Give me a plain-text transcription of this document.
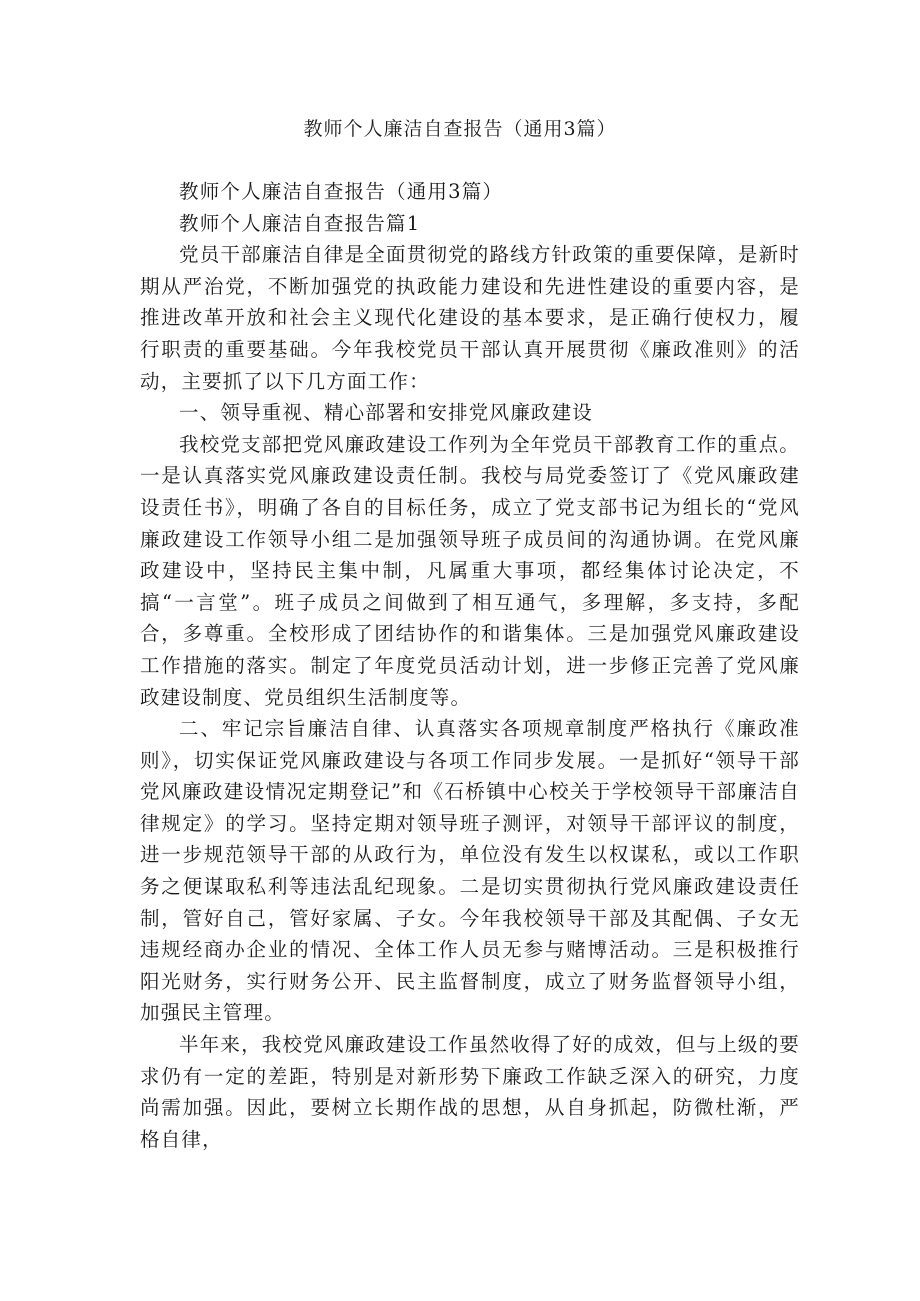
教师个人廉洁自查报告（通用3篇）

教师个人廉洁自查报告（通用3篇）

教师个人廉洁自查报告篇1

党员干部廉洁自律是全面贯彻党的路线方针政策的重要保障，是新时期从严治党，不断加强党的执政能力建设和先进性建设的重要内容，是推进改革开放和社会主义现代化建设的基本要求，是正确行使权力，履行职责的重要基础。今年我校党员干部认真开展贯彻《廉政准则》的活动，主要抓了以下几方面工作：

一、领导重视、精心部署和安排党风廉政建设

我校党支部把党风廉政建设工作列为全年党员干部教育工作的重点。一是认真落实党风廉政建设责任制。我校与局党委签订了《党风廉政建设责任书》，明确了各自的目标任务，成立了党支部书记为组长的“党风廉政建设工作领导小组二是加强领导班子成员间的沟通协调。在党风廉政建设中，坚持民主集中制，凡属重大事项，都经集体讨论决定，不搞“一言堂”。班子成员之间做到了相互通气，多理解，多支持，多配合，多尊重。全校形成了团结协作的和谐集体。三是加强党风廉政建设工作措施的落实。制定了年度党员活动计划，进一步修正完善了党风廉政建设制度、党员组织生活制度等。

二、牢记宗旨廉洁自律、认真落实各项规章制度严格执行《廉政准则》，切实保证党风廉政建设与各项工作同步发展。一是抓好“领导干部党风廉政建设情况定期登记”和《石桥镇中心校关于学校领导干部廉洁自律规定》的学习。坚持定期对领导班子测评，对领导干部评议的制度，进一步规范领导干部的从政行为，单位没有发生以权谋私，或以工作职务之便谋取私利等违法乱纪现象。二是切实贯彻执行党风廉政建设责任制，管好自己，管好家属、子女。今年我校领导干部及其配偶、子女无违规经商办企业的情况、全体工作人员无参与赌博活动。三是积极推行阳光财务，实行财务公开、民主监督制度，成立了财务监督领导小组，加强民主管理。

半年来，我校党风廉政建设工作虽然收得了好的成效，但与上级的要求仍有一定的差距，特别是对新形势下廉政工作缺乏深入的研究，力度尚需加强。因此，要树立长期作战的思想，从自身抓起，防微杜渐，严格自律，
